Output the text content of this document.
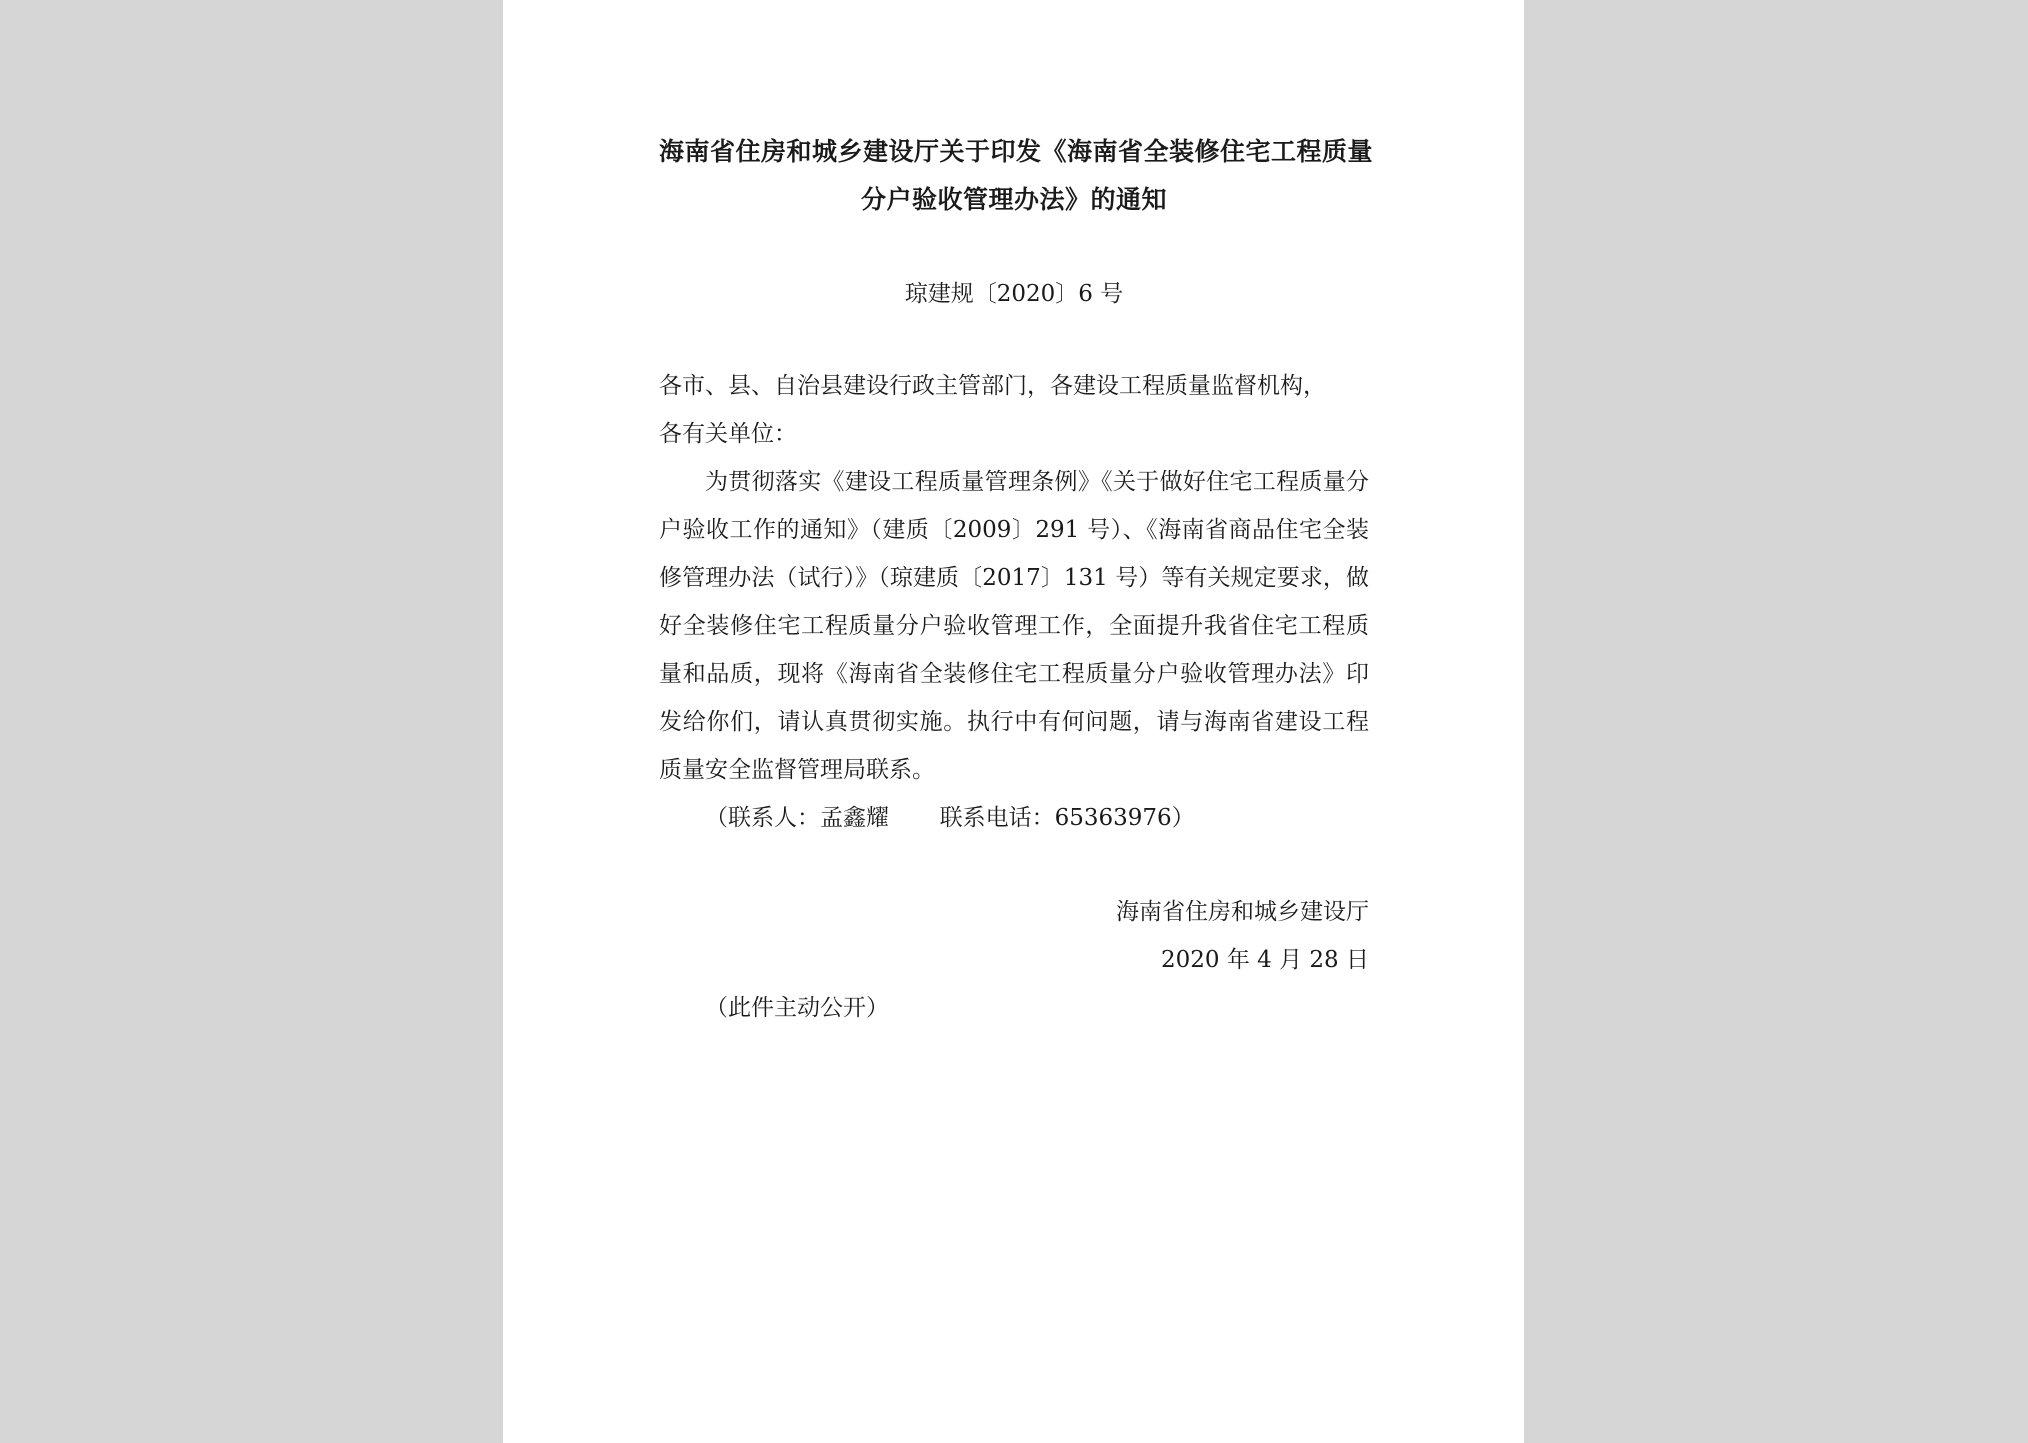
海南省住房和城乡建设厅关于印发《海南省全装修住宅工程质量
分户验收管理办法》的通知
琼建规〔2020〕6 号

各市、县、自治县建设行政主管部门，各建设工程质量监督机构，

各有关单位：

为贯彻落实《建设工程质量管理条例》《关于做好住宅工程质量分户验收工作的通知》（建质〔2009〕291 号）、《海南省商品住宅全装修管理办法（试行）》（琼建质〔2017〕131 号）等有关规定要求，做好全装修住宅工程质量分户验收管理工作，全面提升我省住宅工程质量和品质，现将《海南省全装修住宅工程质量分户验收管理办法》印发给你们，请认真贯彻实施。执行中有何问题，请与海南省建设工程质量安全监督管理局联系。

（联系人：孟鑫耀 联系电话：65363976）

海南省住房和城乡建设厅
2020 年 4 月 28 日
（此件主动公开）
